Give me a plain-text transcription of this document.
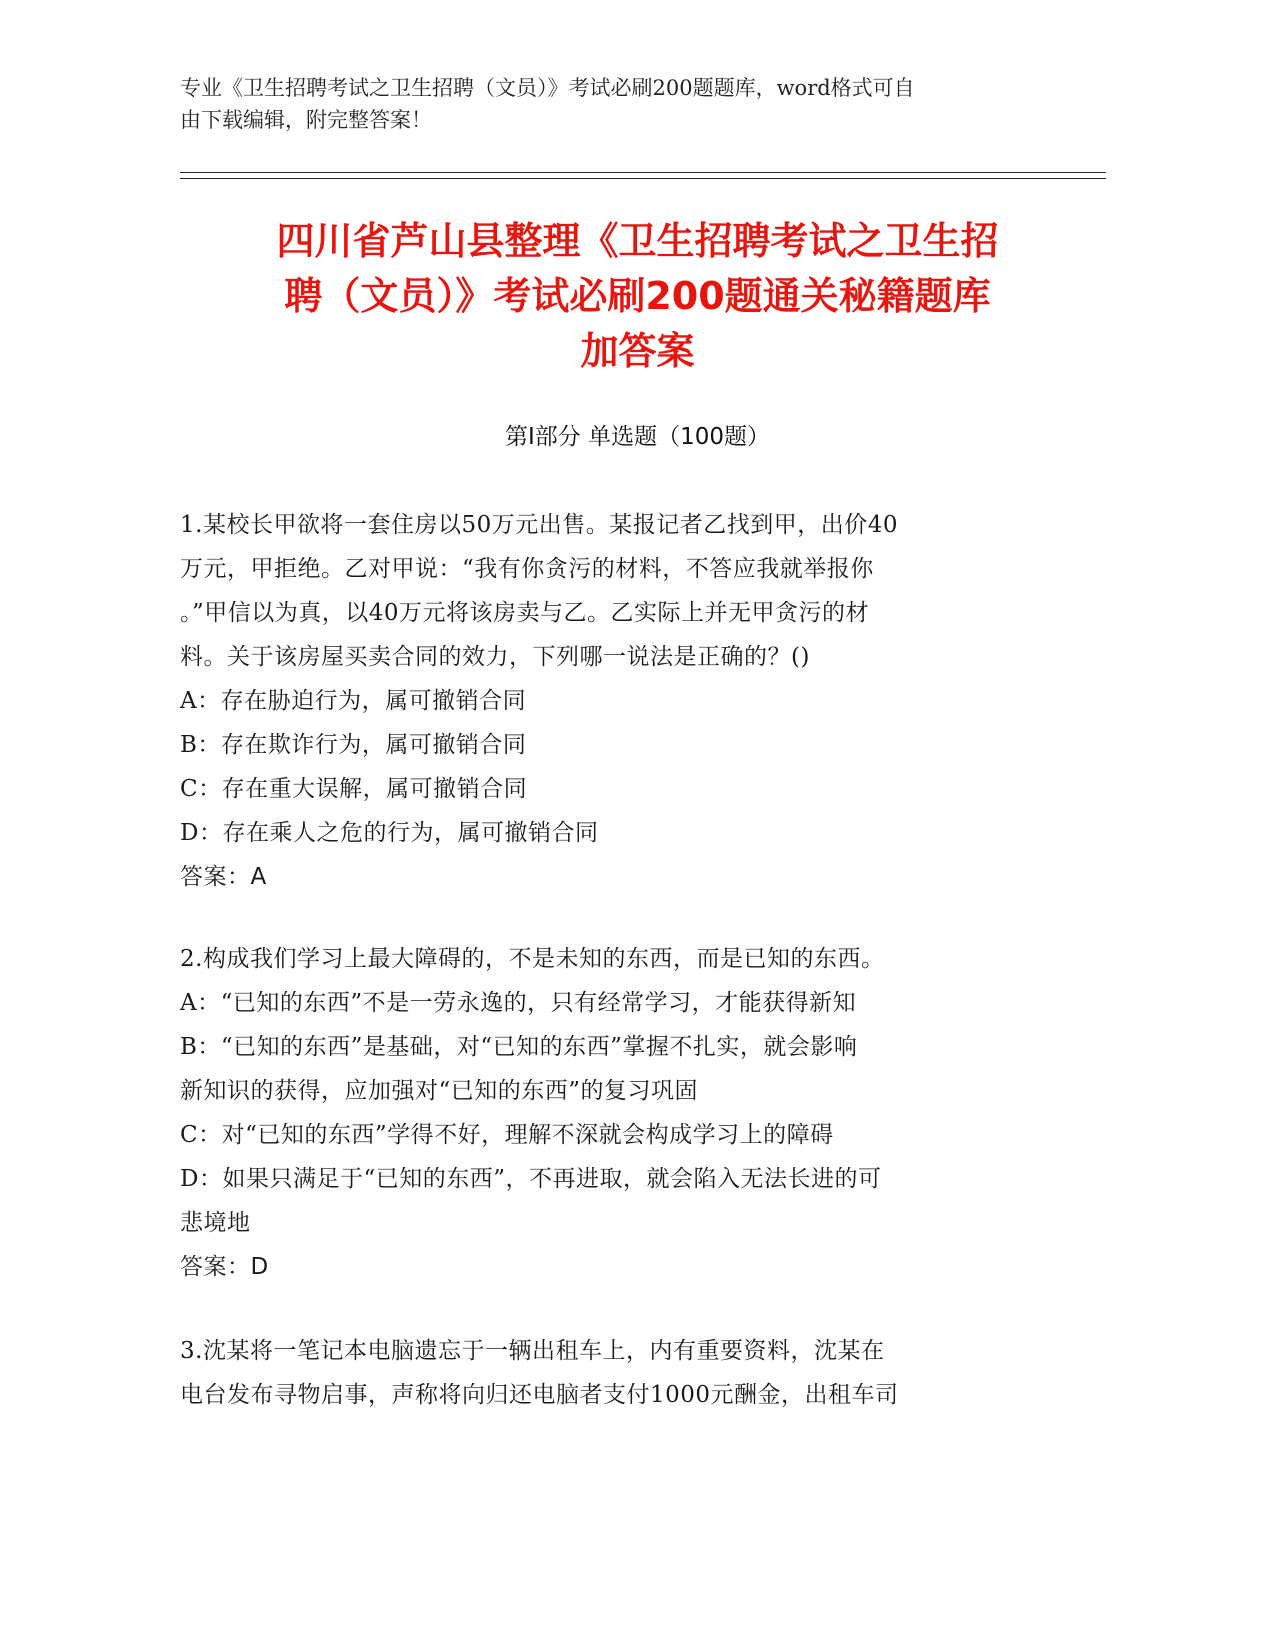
专业《卫生招聘考试之卫生招聘（文员）》考试必刷200题题库，word格式可自

由下载编辑，附完整答案！

四川省芦山县整理《卫生招聘考试之卫生招
聘（文员）》考试必刷200题通关秘籍题库
加答案
第Ⅰ部分 单选题（100题）

1.某校长甲欲将一套住房以50万元出售。某报记者乙找到甲，出价40

万元，甲拒绝。乙对甲说：“我有你贪污的材料，不答应我就举报你

。”甲信以为真，以40万元将该房卖与乙。乙实际上并无甲贪污的材

料。关于该房屋买卖合同的效力，下列哪一说法是正确的？()

A：存在胁迫行为，属可撤销合同

B：存在欺诈行为，属可撤销合同

C：存在重大误解，属可撤销合同

D：存在乘人之危的行为，属可撤销合同

答案：A

2.构成我们学习上最大障碍的，不是未知的东西，而是已知的东西。

A：“已知的东西”不是一劳永逸的，只有经常学习，才能获得新知

B：“已知的东西”是基础，对“已知的东西”掌握不扎实，就会影响

新知识的获得，应加强对“已知的东西”的复习巩固

C：对“已知的东西”学得不好，理解不深就会构成学习上的障碍

D：如果只满足于“已知的东西”，不再进取，就会陷入无法长进的可

悲境地

答案：D

3.沈某将一笔记本电脑遗忘于一辆出租车上，内有重要资料，沈某在

电台发布寻物启事，声称将向归还电脑者支付1000元酬金，出租车司
